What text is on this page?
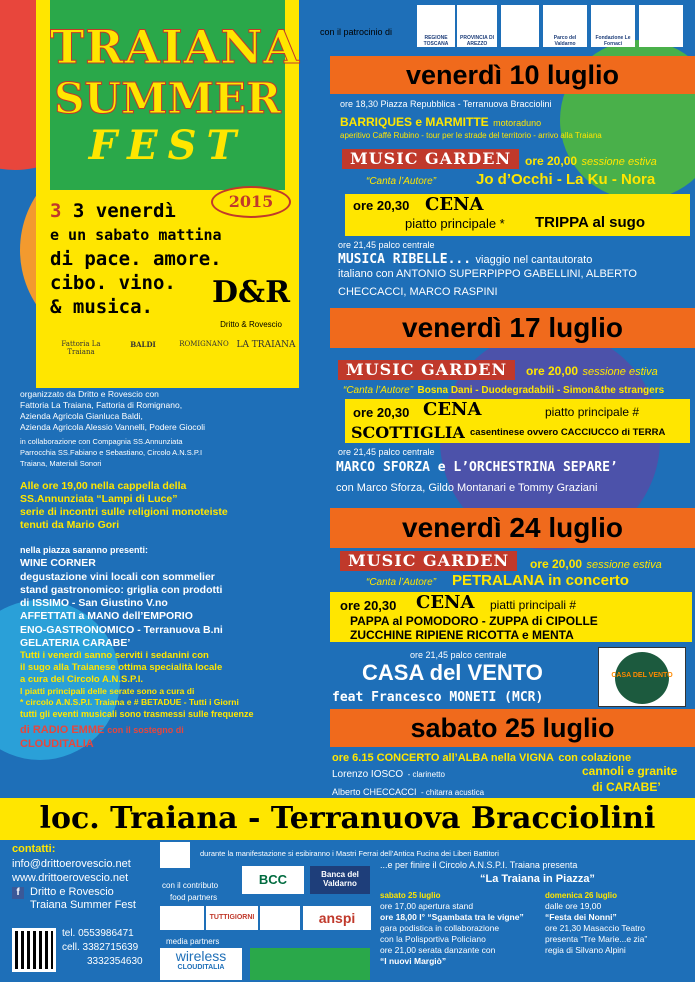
con il patrocinio di
REGIONE TOSCANA
PROVINCIA DI AREZZO
Parco del Valdarno
Fondazione Le Fornaci
TRAIANA
SUMMER
FEST
2015
3 3 venerdì
e un sabato mattina
di pace. amore.
cibo. vino.
& musica. D&R
Dritto & Rovescio
Fattoria La Traiana
BALDI	ROMIGNANO LA TRAIANA
organizzato da Dritto e Rovescio con
Fattoria La Traiana, Fattoria di Romignano,
Azienda Agricola Gianluca Baldi,
Azienda Agricola Alessio Vannelli, Podere Giocoli
in collaborazione con Compagnia SS.Annunziata
Parrocchia SS.Fabiano e Sebastiano, Circolo A.N.S.P.I
Traiana, Materiali Sonori
Alle ore 19,00 nella cappella della
SS.Annunziata “Lampi di Luce”
serie di incontri sulle religioni monoteiste
tenuti da Mario Gori
nella piazza saranno presenti:
WINE CORNER
degustazione vini locali con sommelier
stand gastronomico: griglia con prodotti
di ISSIMO - San Giustino V.no
AFFETTATI a MANO dell’EMPORIO
ENO-GASTRONOMICO - Terranuova B.ni
GELATERIA CARABE’
Tutti i venerdì sanno serviti i sedanini con
il sugo alla Traianese ottima specialità locale
a cura del Circolo A.N.S.P.I.
I piatti principali delle serate sono a cura di
* circolo A.N.S.P.I. Traiana e # BETADUE - Tutti i Giorni
tutti gli eventi musicali sono trasmessi sulle frequenze
di RADIO EMME con il sostegno di
CLOUDITALIA
venerdì 10 luglio
ore 18,30 Piazza Repubblica - Terranuova Bracciolini
BARRIQUES e MARMITTE motoraduno
aperitivo Caffè Rubino - tour per le strade del territorio - arrivo alla Traiana
MUSIC GARDEN	ore 20,00 sessione estiva
“Canta l’Autore”	Jo d’Occhi - La Ku - Nora
ore 20,30 CENA
piatto principale * TRIPPA al sugo
ore 21,45 palco centrale
MUSICA RIBELLE... viaggio nel cantautorato
italiano con ANTONIO SUPERPIPPO GABELLINI, ALBERTO
CHECCACCI, MARCO RASPINI
venerdì 17 luglio
MUSIC GARDEN	ore 20,00 sessione estiva
“Canta l’Autore” Bosna Dani - Duodegradabili - Simon&the strangers
ore 20,30 CENA	piatto principale #
SCOTTIGLIA casentinese ovvero CACCIUCCO di TERRA
ore 21,45 palco centrale
MARCO SFORZA e L’ORCHESTRINA SEPARE’
con Marco Sforza, Gildo Montanari e Tommy Graziani
venerdì 24 luglio
MUSIC GARDEN	ore 20,00 sessione estiva
“Canta l’Autore” PETRALANA in concerto
ore 20,30 CENA piatti principali #
PAPPA al POMODORO - ZUPPA di CIPOLLE
ZUCCHINE RIPIENE RICOTTA e MENTA
ore 21,45 palco centrale
CASA del VENTO
feat Francesco MONETI (MCR)
CASA DEL VENTO
sabato 25 luglio
ore 6.15 CONCERTO all’ALBA nella VIGNA con colazione
Lorenzo IOSCO - clarinetto
Alberto CHECCACCI - chitarra acustica
cannoli e granite
di CARABE’
loc. Traiana - Terranuova Bracciolini
contatti:
info@drittoerovescio.net
www.drittoerovescio.net
f Dritto e Rovescio
Traiana Summer Fest
tel. 0553986471
cell. 3382715639
3332354630
durante la manifestazione si esibiranno i Mastri Ferrai dell’Antica Fucina dei Liberi Battitori
con il contributo
food partners
BCC	Banca del Valdarno
TUTTIGIORNI	anspi
media partners
wireless
CLOUDITALIA
...e per finire il Circolo A.N.S.P.I. Traiana presenta
“La Traiana in Piazza”
sabato 25 luglio
ore 17,00 apertura stand
ore 18,00 I° “Sgambata tra le vigne”
gara podistica in collaborazione
con la Polisportiva Policiano
ore 21,00 serata danzante con
“I nuovi Margiò”
domenica 26 luglio
dalle ore 19,00
“Festa dei Nonni”
ore 21,30 Masaccio Teatro
presenta “Tre Marie...e zia”
regia di Silvano Alpini
